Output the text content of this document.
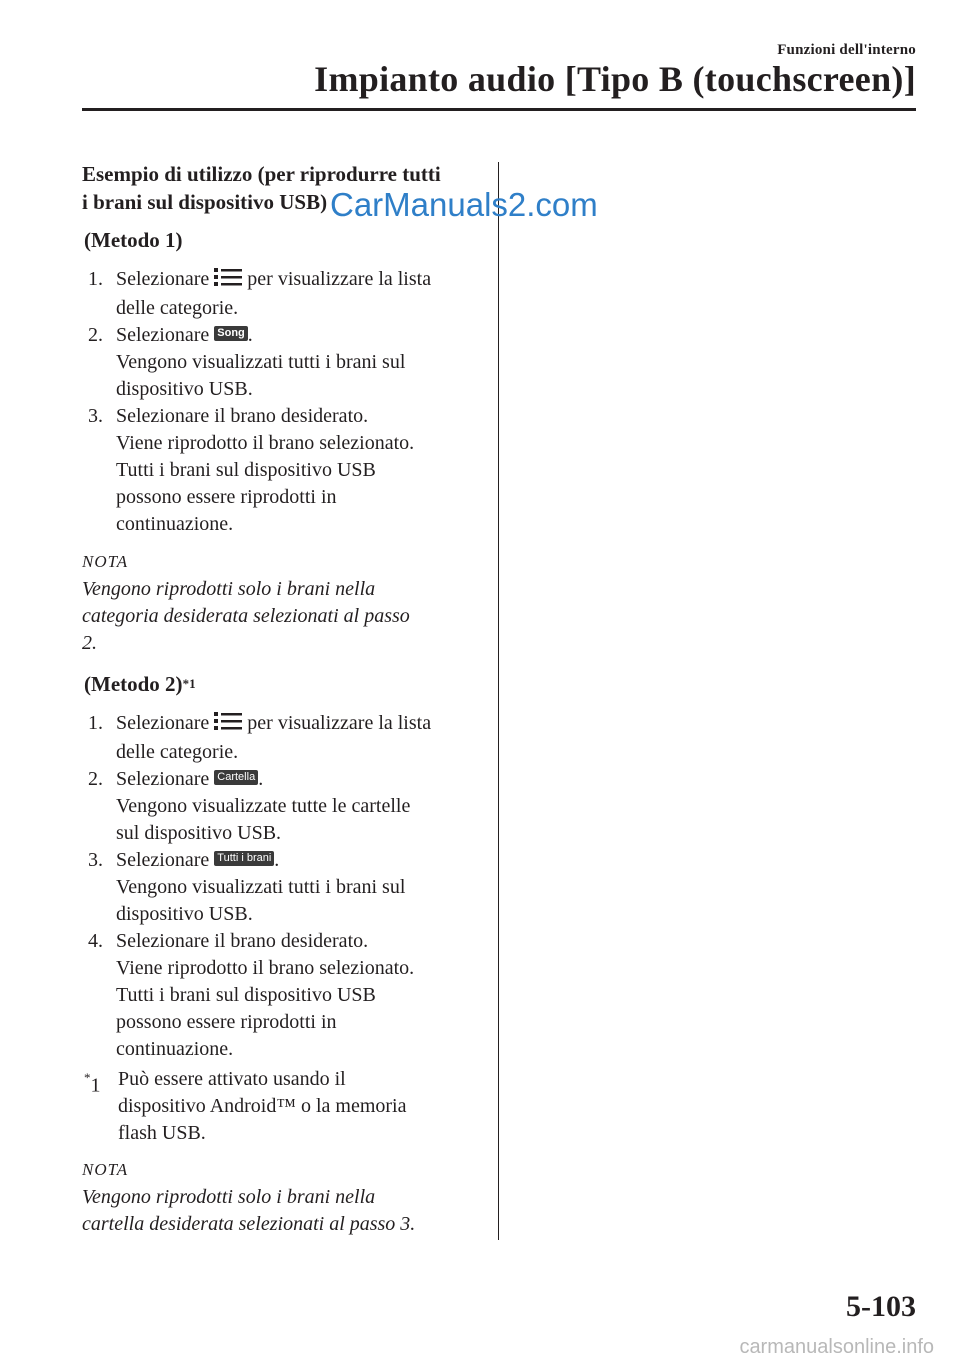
Funzioni dell'interno
Impianto audio [Tipo B (touchscreen)]
Esempio di utilizzo (per riprodurre tutti
i brani sul dispositivo USB) CarManuals2.com
(Metodo 1)
1. Selezionare per visualizzare la lista
delle categorie.
2. Selezionare Song .
Vengono visualizzati tutti i brani sul
dispositivo USB.
3. Selezionare il brano desiderato.
Viene riprodotto il brano selezionato.
Tutti i brani sul dispositivo USB
possono essere riprodotti in
continuazione.
NOTA
Vengono riprodotti solo i brani nella
categoria desiderata selezionati al passo
2.
(Metodo 2)$^{*1}$
1. Selezionare per visualizzare la lista
delle categorie.
2. Selezionare Cartella .
Vengono visualizzate tutte le cartelle
sul dispositivo USB.
3. Selezionare Tutti i brani .
Vengono visualizzati tutti i brani sul
dispositivo USB.
4. Selezionare il brano desiderato.
Viene riprodotto il brano selezionato.
Tutti i brani sul dispositivo USB
possono essere riprodotti in
continuazione.
*1 Può essere attivato usando il
dispositivo Android™ o la memoria
flash USB.
NOTA
Vengono riprodotti solo i brani nella
cartella desiderata selezionati al passo 3.
5-103
carmanualsonline.info
